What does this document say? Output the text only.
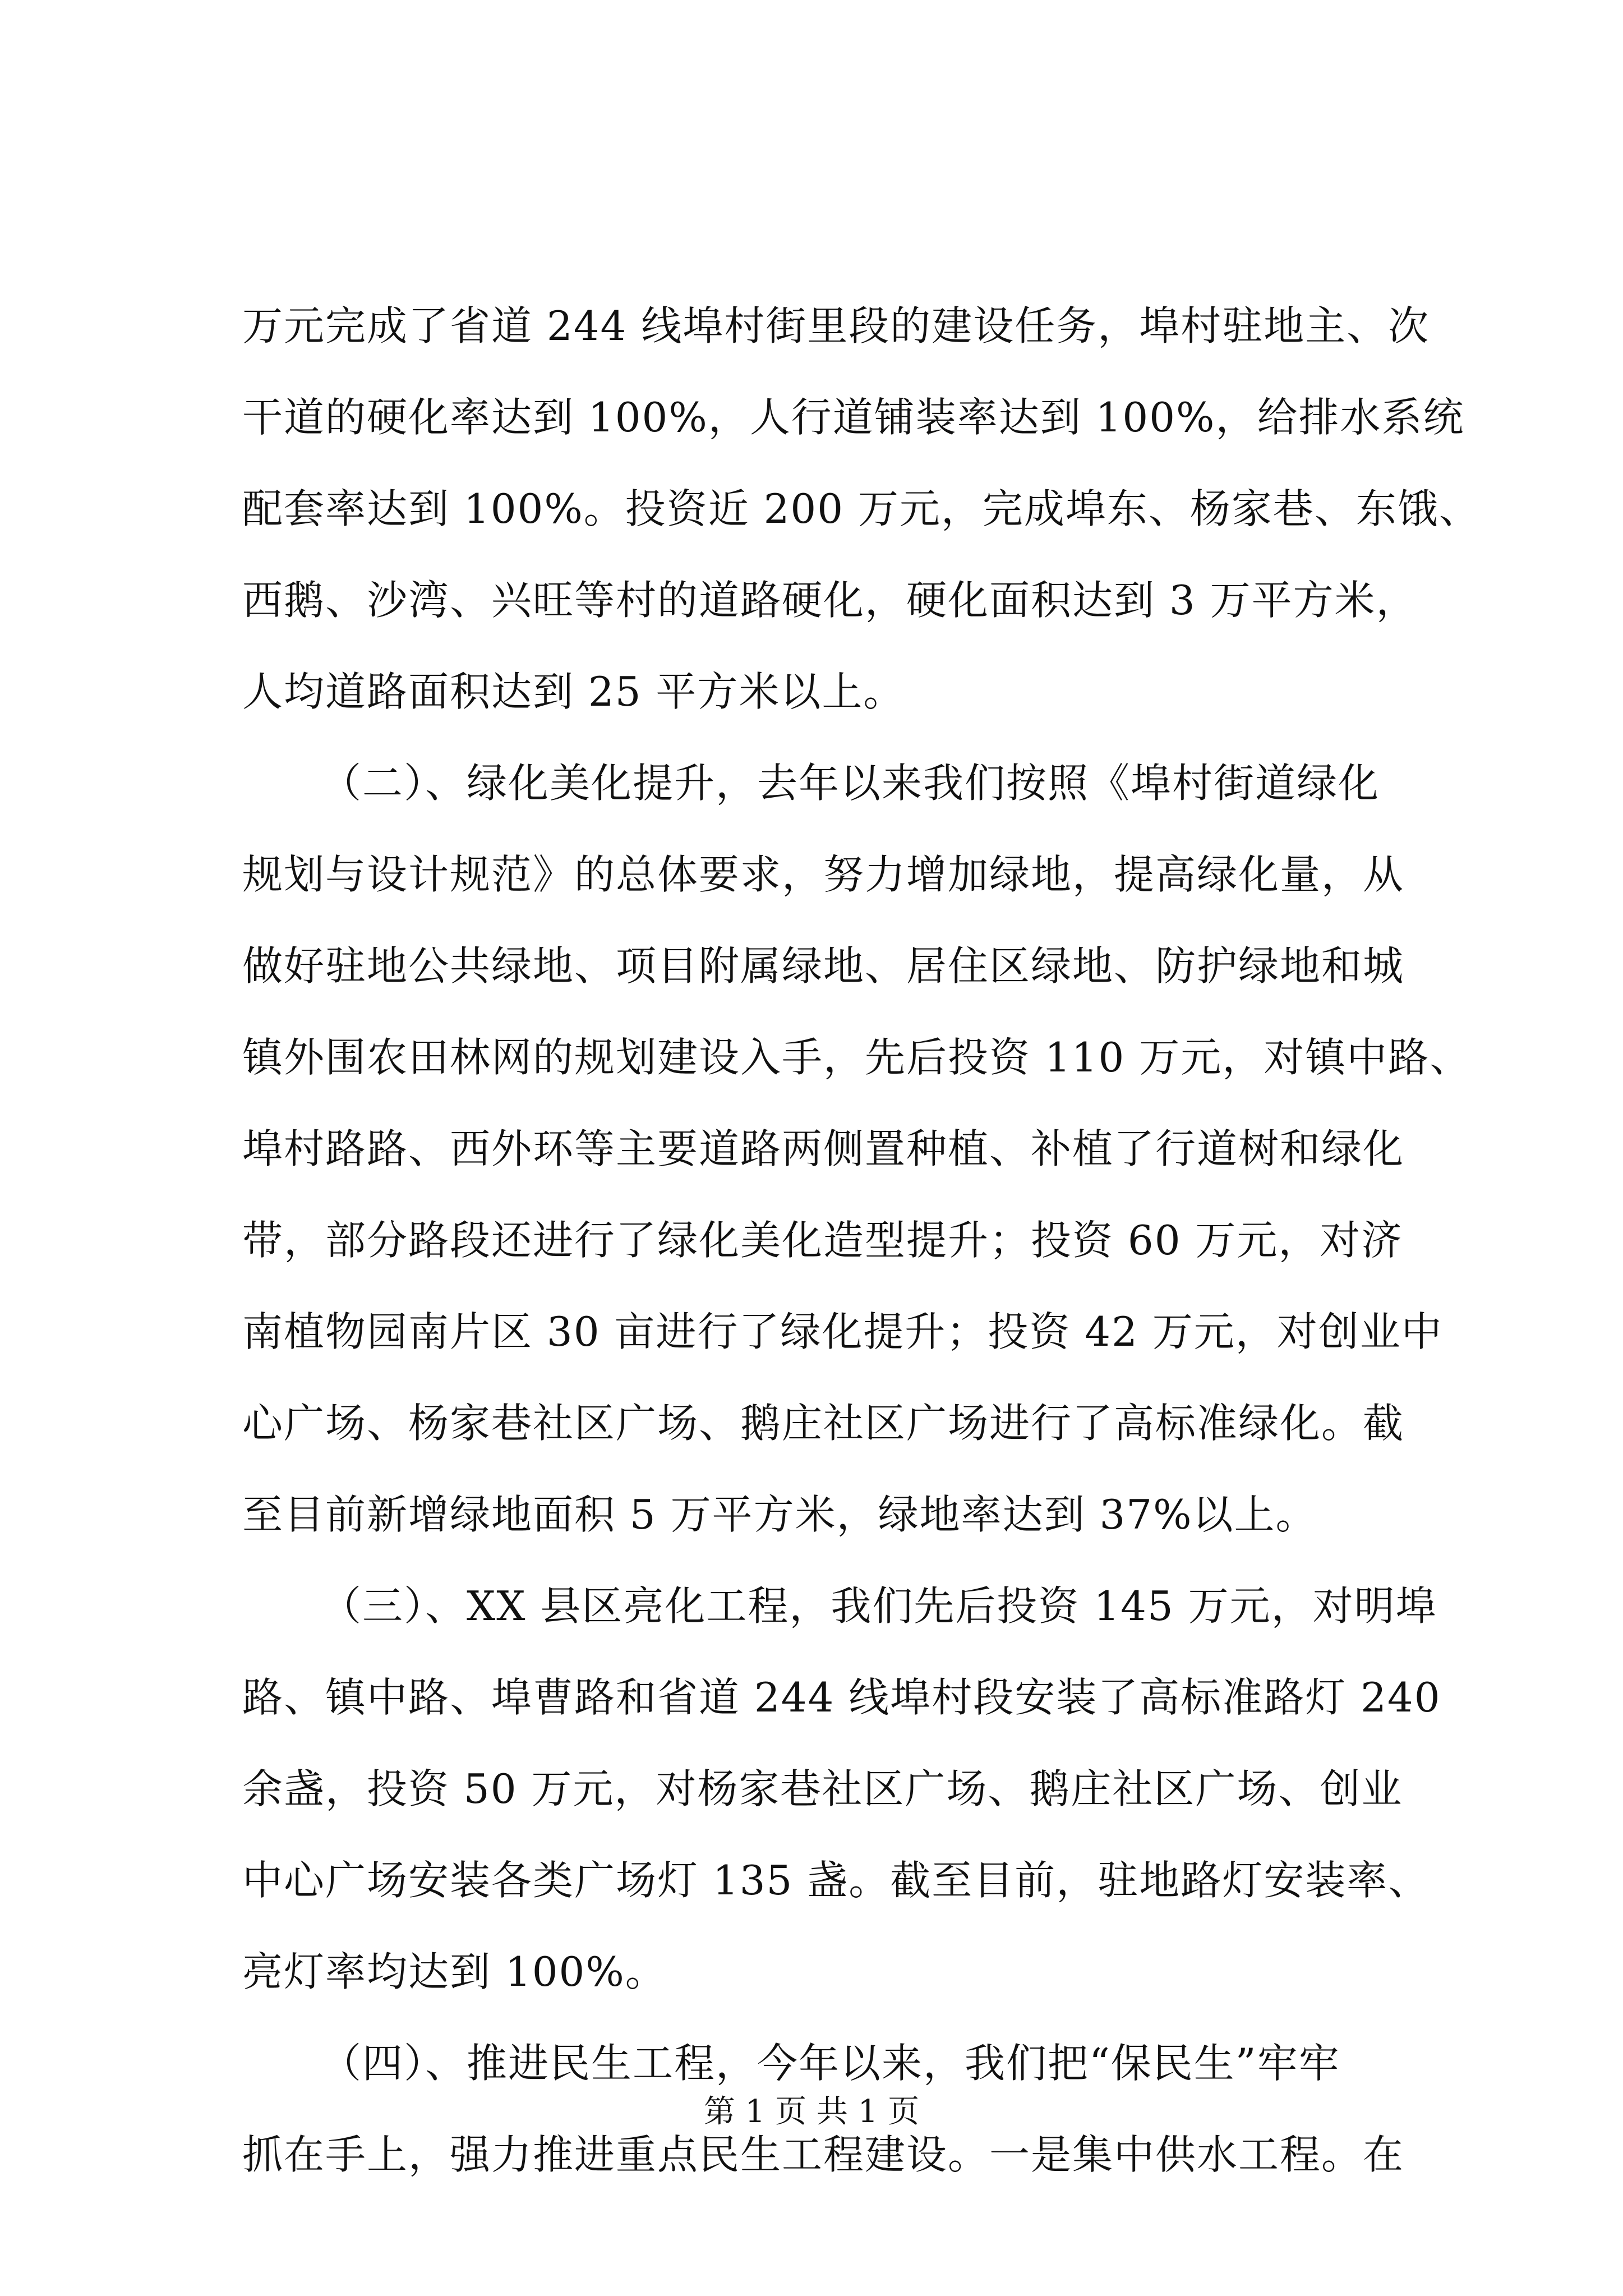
万元完成了省道 244 线埠村街里段的建设任务，埠村驻地主、次
干道的硬化率达到 100%，人行道铺装率达到 100%，给排水系统
配套率达到 100%。投资近 200 万元，完成埠东、杨家巷、东饿、
西鹅、沙湾、兴旺等村的道路硬化，硬化面积达到 3 万平方米，
人均道路面积达到 25 平方米以上。
（二）、绿化美化提升，去年以来我们按照《埠村街道绿化
规划与设计规范》的总体要求，努力增加绿地，提高绿化量，从
做好驻地公共绿地、项目附属绿地、居住区绿地、防护绿地和城
镇外围农田林网的规划建设入手，先后投资 110 万元，对镇中路、
埠村路路、西外环等主要道路两侧置种植、补植了行道树和绿化
带，部分路段还进行了绿化美化造型提升；投资 60 万元，对济
南植物园南片区 30 亩进行了绿化提升；投资 42 万元，对创业中
心广场、杨家巷社区广场、鹅庄社区广场进行了高标准绿化。截
至目前新增绿地面积 5 万平方米，绿地率达到 37%以上。
（三）、XX 县区亮化工程，我们先后投资 145 万元，对明埠
路、镇中路、埠曹路和省道 244 线埠村段安装了高标准路灯 240
余盏，投资 50 万元，对杨家巷社区广场、鹅庄社区广场、创业
中心广场安装各类广场灯 135 盏。截至目前，驻地路灯安装率、
亮灯率均达到 100%。
（四）、推进民生工程，今年以来，我们把“保民生”牢牢
抓在手上，强力推进重点民生工程建设。一是集中供水工程。在
第 1 页 共 1 页
